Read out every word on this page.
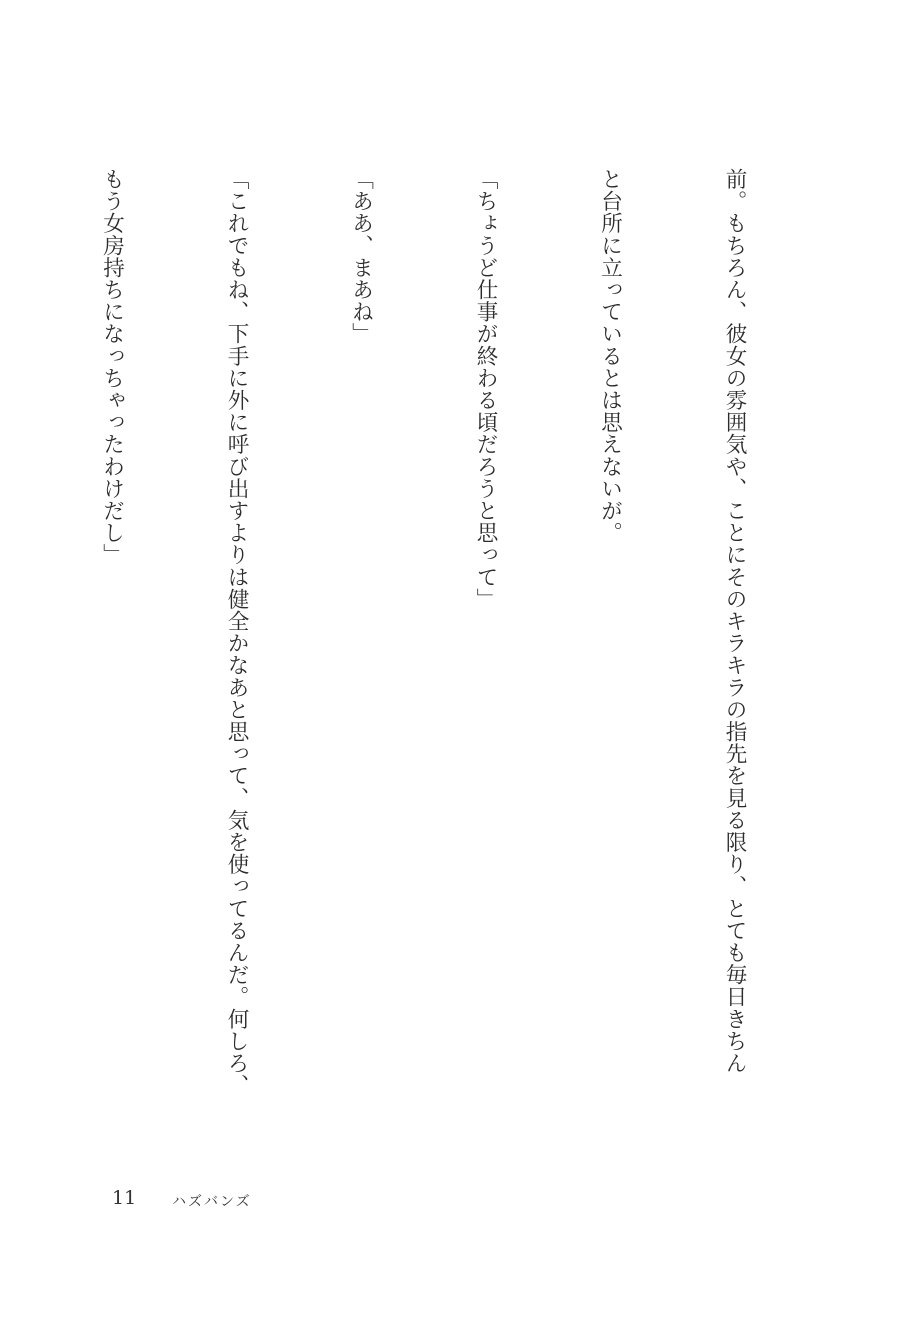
前。もちろん、彼女の雰囲気や、ことにそのキラキラの指先を見る限り、とても毎日きちん

と台所に立っているとは思えないが。

「ちょうど仕事が終わる頃だろうと思って」

「ああ、まあね」

「これでもね、下手に外に呼び出すよりは健全かなあと思って、気を使ってるんだ。何しろ、

もう女房持ちになっちゃったわけだし」

11	ハズバンズ
